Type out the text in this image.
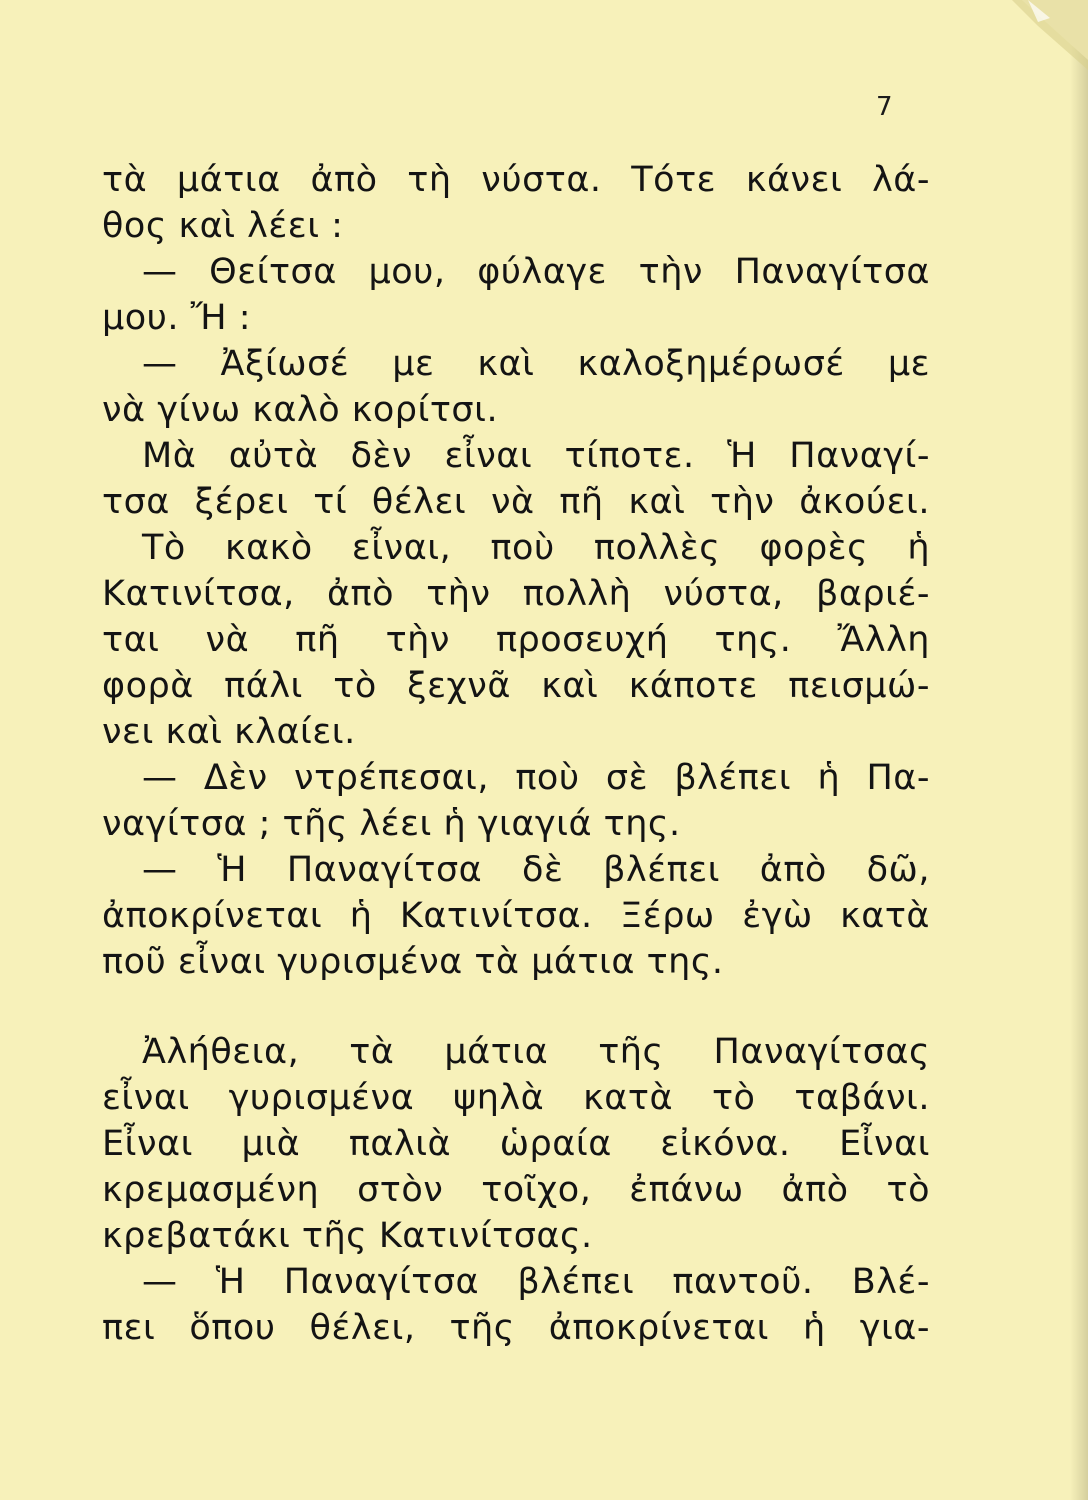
7
τὰ μάτια ἀπὸ τὴ νύστα. Τότε κάνει λά-
θος καὶ λέει :
— Θείτσα μου, φύλαγε τὴν Παναγίτσα
μου. Ἤ :
— Ἀξίωσέ με καὶ καλοξημέρωσέ με
νὰ γίνω καλὸ κορίτσι.
Μὰ αὐτὰ δὲν εἶναι τίποτε. Ἡ Παναγί-
τσα ξέρει τί θέλει νὰ πῆ καὶ τὴν ἀκούει.
Τὸ κακὸ εἶναι, ποὺ πολλὲς φορὲς ἡ
Κατινίτσα, ἀπὸ τὴν πολλὴ νύστα, βαριέ-
ται νὰ πῆ τὴν προσευχή της. Ἄλλη
φορὰ πάλι τὸ ξεχνᾶ καὶ κάποτε πεισμώ-
νει καὶ κλαίει.
— Δὲν ντρέπεσαι, ποὺ σὲ βλέπει ἡ Πα-
ναγίτσα ; τῆς λέει ἡ γιαγιά της.
— Ἡ Παναγίτσα δὲ βλέπει ἀπὸ δῶ,
ἀποκρίνεται ἡ Κατινίτσα. Ξέρω ἐγὼ κατὰ
ποῦ εἶναι γυρισμένα τὰ μάτια της.
Ἀλήθεια, τὰ μάτια τῆς Παναγίτσας
εἶναι γυρισμένα ψηλὰ κατὰ τὸ ταβάνι.
Εἶναι μιὰ παλιὰ ὡραία εἰκόνα. Εἶναι
κρεμασμένη στὸν τοῖχο, ἐπάνω ἀπὸ τὸ
κρεβατάκι τῆς Κατινίτσας.
— Ἡ Παναγίτσα βλέπει παντοῦ. Βλέ-
πει ὅπου θέλει, τῆς ἀποκρίνεται ἡ για-
